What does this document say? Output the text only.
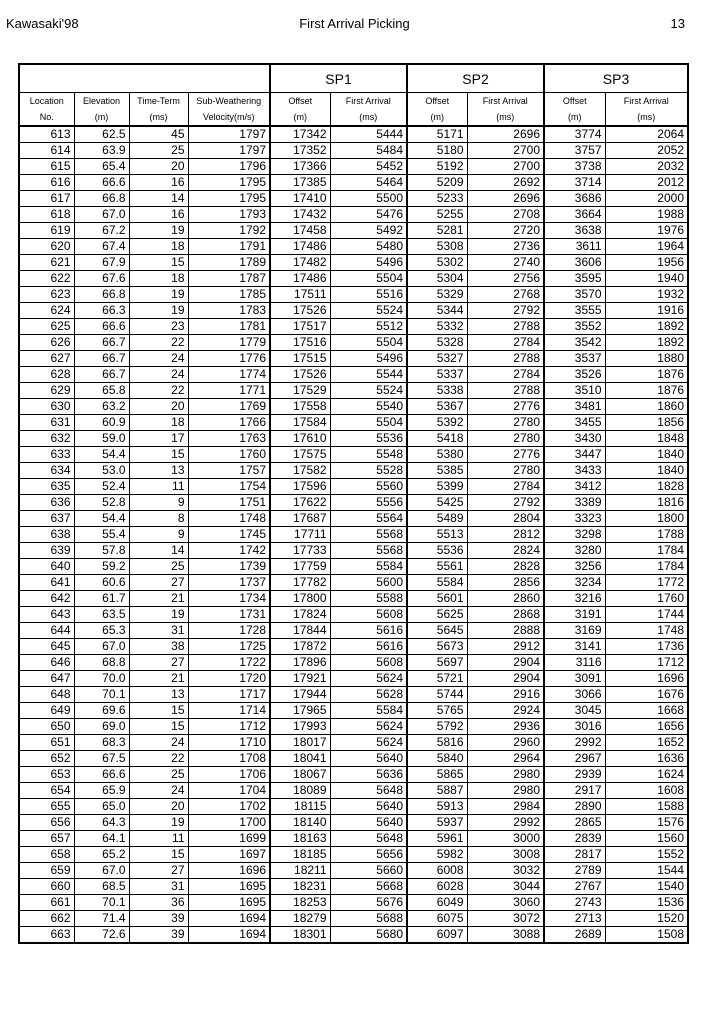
Kawasaki'98	First Arrival Picking	13
				SP1		SP2		SP3	
Location	Elevation	Time-Term	Sub-Weathering	Offset	First Arrival	Offset	First Arrival	Offset	First Arrival
No.	(m)	(ms)	Velocity(m/s)	(m)	(ms)	(m)	(ms)	(m)	(ms)
613	62.5	45	1797	17342	5444	5171	2696	3774	2064
614	63.9	25	1797	17352	5484	5180	2700	3757	2052
615	65.4	20	1796	17366	5452	5192	2700	3738	2032
616	66.6	16	1795	17385	5464	5209	2692	3714	2012
617	66.8	14	1795	17410	5500	5233	2696	3686	2000
618	67.0	16	1793	17432	5476	5255	2708	3664	1988
619	67.2	19	1792	17458	5492	5281	2720	3638	1976
620	67.4	18	1791	17486	5480	5308	2736	3611	1964
621	67.9	15	1789	17482	5496	5302	2740	3606	1956
622	67.6	18	1787	17486	5504	5304	2756	3595	1940
623	66.8	19	1785	17511	5516	5329	2768	3570	1932
624	66.3	19	1783	17526	5524	5344	2792	3555	1916
625	66.6	23	1781	17517	5512	5332	2788	3552	1892
626	66.7	22	1779	17516	5504	5328	2784	3542	1892
627	66.7	24	1776	17515	5496	5327	2788	3537	1880
628	66.7	24	1774	17526	5544	5337	2784	3526	1876
629	65.8	22	1771	17529	5524	5338	2788	3510	1876
630	63.2	20	1769	17558	5540	5367	2776	3481	1860
631	60.9	18	1766	17584	5504	5392	2780	3455	1856
632	59.0	17	1763	17610	5536	5418	2780	3430	1848
633	54.4	15	1760	17575	5548	5380	2776	3447	1840
634	53.0	13	1757	17582	5528	5385	2780	3433	1840
635	52.4	11	1754	17596	5560	5399	2784	3412	1828
636	52.8	9	1751	17622	5556	5425	2792	3389	1816
637	54.4	8	1748	17687	5564	5489	2804	3323	1800
638	55.4	9	1745	17711	5568	5513	2812	3298	1788
639	57.8	14	1742	17733	5568	5536	2824	3280	1784
640	59.2	25	1739	17759	5584	5561	2828	3256	1784
641	60.6	27	1737	17782	5600	5584	2856	3234	1772
642	61.7	21	1734	17800	5588	5601	2860	3216	1760
643	63.5	19	1731	17824	5608	5625	2868	3191	1744
644	65.3	31	1728	17844	5616	5645	2888	3169	1748
645	67.0	38	1725	17872	5616	5673	2912	3141	1736
646	68.8	27	1722	17896	5608	5697	2904	3116	1712
647	70.0	21	1720	17921	5624	5721	2904	3091	1696
648	70.1	13	1717	17944	5628	5744	2916	3066	1676
649	69.6	15	1714	17965	5584	5765	2924	3045	1668
650	69.0	15	1712	17993	5624	5792	2936	3016	1656
651	68.3	24	1710	18017	5624	5816	2960	2992	1652
652	67.5	22	1708	18041	5640	5840	2964	2967	1636
653	66.6	25	1706	18067	5636	5865	2980	2939	1624
654	65.9	24	1704	18089	5648	5887	2980	2917	1608
655	65.0	20	1702	18115	5640	5913	2984	2890	1588
656	64.3	19	1700	18140	5640	5937	2992	2865	1576
657	64.1	11	1699	18163	5648	5961	3000	2839	1560
658	65.2	15	1697	18185	5656	5982	3008	2817	1552
659	67.0	27	1696	18211	5660	6008	3032	2789	1544
660	68.5	31	1695	18231	5668	6028	3044	2767	1540
661	70.1	36	1695	18253	5676	6049	3060	2743	1536
662	71.4	39	1694	18279	5688	6075	3072	2713	1520
663	72.6	39	1694	18301	5680	6097	3088	2689	1508
